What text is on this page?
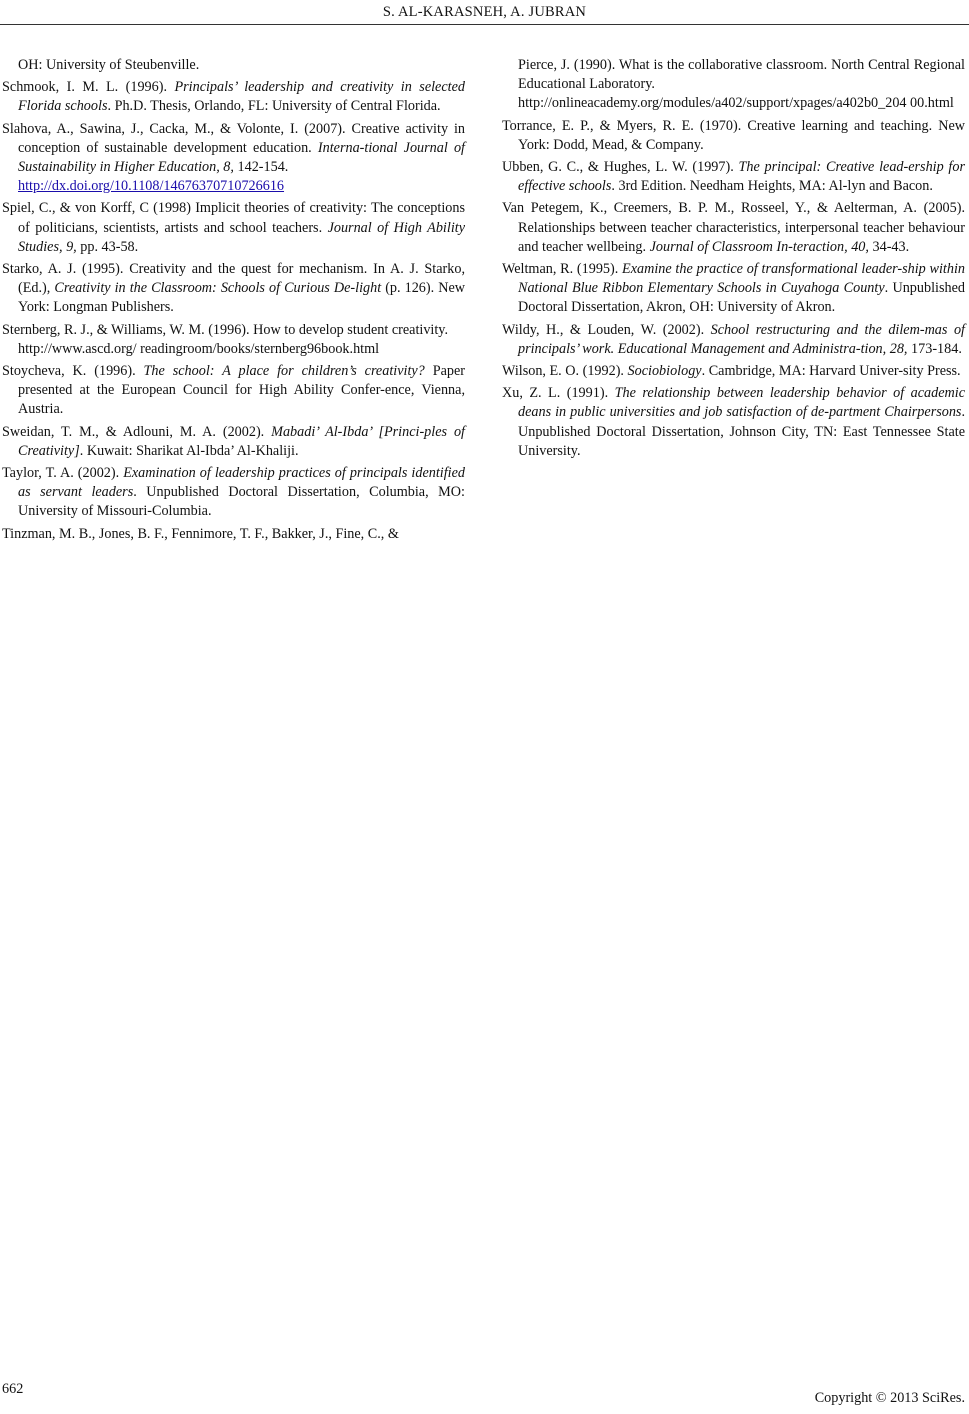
S. AL-KARASNEH, A. JUBRAN

OH: University of Steubenville.

Schmook, I. M. L. (1996). Principals’ leadership and creativity in selected Florida schools. Ph.D. Thesis, Orlando, FL: University of Central Florida.

Slahova, A., Sawina, J., Cacka, M., & Volonte, I. (2007). Creative activity in conception of sustainable development education. Interna-tional Journal of Sustainability in Higher Education, 8, 142-154.
http://dx.doi.org/10.1108/14676370710726616

Spiel, C., & von Korff, C (1998) Implicit theories of creativity: The conceptions of politicians, scientists, artists and school teachers. Journal of High Ability Studies, 9, pp. 43-58.

Starko, A. J. (1995). Creativity and the quest for mechanism. In A. J. Starko, (Ed.), Creativity in the Classroom: Schools of Curious De-light (p. 126). New York: Longman Publishers.

Sternberg, R. J., & Williams, W. M. (1996). How to develop student creativity.
http://www.ascd.org/ readingroom/books/sternberg96book.html

Stoycheva, K. (1996). The school: A place for children’s creativity? Paper presented at the European Council for High Ability Confer-ence, Vienna, Austria.

Sweidan, T. M., & Adlouni, M. A. (2002). Mabadi’ Al-Ibda’ [Princi-ples of Creativity]. Kuwait: Sharikat Al-Ibda’ Al-Khaliji.

Taylor, T. A. (2002). Examination of leadership practices of principals identified as servant leaders. Unpublished Doctoral Dissertation, Columbia, MO: University of Missouri-Columbia.

Tinzman, M. B., Jones, B. F., Fennimore, T. F., Bakker, J., Fine, C., &

Pierce, J. (1990). What is the collaborative classroom. North Central Regional Educational Laboratory.
http://onlineacademy.org/modules/a402/support/xpages/a402b0_204 00.html

Torrance, E. P., & Myers, R. E. (1970). Creative learning and teaching. New York: Dodd, Mead, & Company.

Ubben, G. C., & Hughes, L. W. (1997). The principal: Creative lead-ership for effective schools. 3rd Edition. Needham Heights, MA: Al-lyn and Bacon.

Van Petegem, K., Creemers, B. P. M., Rosseel, Y., & Aelterman, A. (2005). Relationships between teacher characteristics, interpersonal teacher behaviour and teacher wellbeing. Journal of Classroom In-teraction, 40, 34-43.

Weltman, R. (1995). Examine the practice of transformational leader-ship within National Blue Ribbon Elementary Schools in Cuyahoga County. Unpublished Doctoral Dissertation, Akron, OH: University of Akron.

Wildy, H., & Louden, W. (2002). School restructuring and the dilem-mas of principals’ work. Educational Management and Administra-tion, 28, 173-184.

Wilson, E. O. (1992). Sociobiology. Cambridge, MA: Harvard Univer-sity Press.

Xu, Z. L. (1991). The relationship between leadership behavior of academic deans in public universities and job satisfaction of de-partment Chairpersons. Unpublished Doctoral Dissertation, Johnson City, TN: East Tennessee State University.

662
Copyright © 2013 SciRes.
